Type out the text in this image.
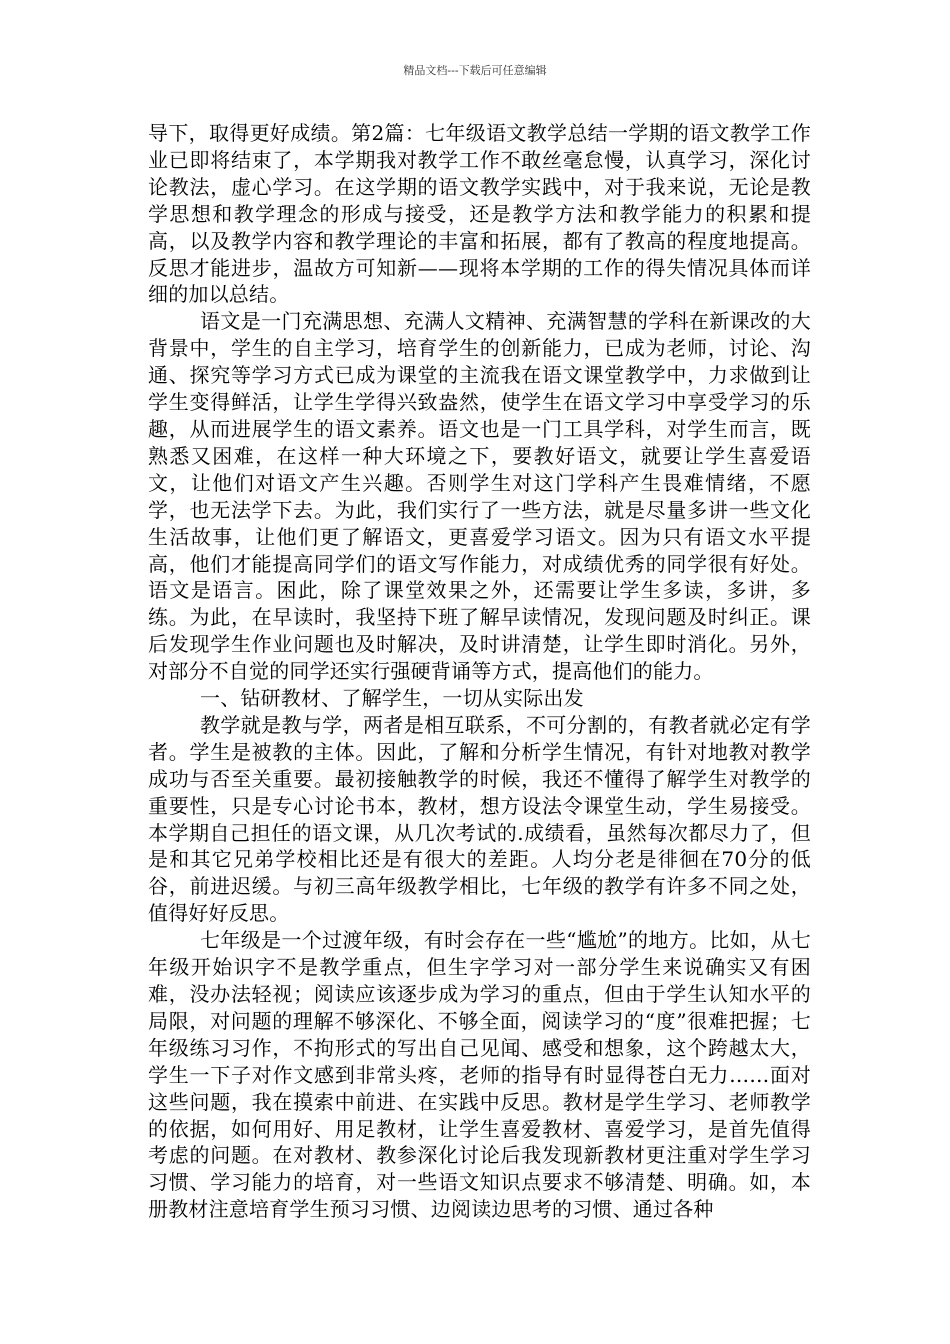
精品文档---下载后可任意编辑

导下，取得更好成绩。第2篇：七年级语文教学总结一学期的语文教学工作业已即将结束了，本学期我对教学工作不敢丝毫怠慢，认真学习，深化讨论教法，虚心学习。在这学期的语文教学实践中，对于我来说，无论是教学思想和教学理念的形成与接受，还是教学方法和教学能力的积累和提高，以及教学内容和教学理论的丰富和拓展，都有了教高的程度地提高。反思才能进步，温故方可知新——现将本学期的工作的得失情况具体而详细的加以总结。

语文是一门充满思想、充满人文精神、充满智慧的学科在新课改的大背景中，学生的自主学习，培育学生的创新能力，已成为老师，讨论、沟通、探究等学习方式已成为课堂的主流我在语文课堂教学中，力求做到让学生变得鲜活，让学生学得兴致盎然，使学生在语文学习中享受学习的乐趣，从而进展学生的语文素养。语文也是一门工具学科，对学生而言，既熟悉又困难，在这样一种大环境之下，要教好语文，就要让学生喜爱语文，让他们对语文产生兴趣。否则学生对这门学科产生畏难情绪，不愿学，也无法学下去。为此，我们实行了一些方法，就是尽量多讲一些文化生活故事，让他们更了解语文，更喜爱学习语文。因为只有语文水平提高，他们才能提高同学们的语文写作能力，对成绩优秀的同学很有好处。语文是语言。困此，除了课堂效果之外，还需要让学生多读，多讲，多练。为此，在早读时，我坚持下班了解早读情况，发现问题及时纠正。课后发现学生作业问题也及时解决，及时讲清楚，让学生即时消化。另外，对部分不自觉的同学还实行强硬背诵等方式，提高他们的能力。

一、钻研教材、了解学生，一切从实际出发

教学就是教与学，两者是相互联系，不可分割的，有教者就必定有学者。学生是被教的主体。因此，了解和分析学生情况，有针对地教对教学成功与否至关重要。最初接触教学的时候，我还不懂得了解学生对教学的重要性，只是专心讨论书本，教材，想方设法令课堂生动，学生易接受。本学期自己担任的语文课，从几次考试的.成绩看，虽然每次都尽力了，但是和其它兄弟学校相比还是有很大的差距。人均分老是徘徊在70分的低谷，前进迟缓。与初三高年级教学相比，七年级的教学有许多不同之处，值得好好反思。

七年级是一个过渡年级，有时会存在一些“尴尬”的地方。比如，从七年级开始识字不是教学重点，但生字学习对一部分学生来说确实又有困难，没办法轻视；阅读应该逐步成为学习的重点，但由于学生认知水平的局限，对问题的理解不够深化、不够全面，阅读学习的“度”很难把握；七年级练习习作，不拘形式的写出自己见闻、感受和想象，这个跨越太大，学生一下子对作文感到非常头疼，老师的指导有时显得苍白无力……面对这些问题，我在摸索中前进、在实践中反思。教材是学生学习、老师教学的依据，如何用好、用足教材，让学生喜爱教材、喜爱学习，是首先值得考虑的问题。在对教材、教参深化讨论后我发现新教材更注重对学生学习习惯、学习能力的培育，对一些语文知识点要求不够清楚、明确。如，本册教材注意培育学生预习习惯、边阅读边思考的习惯、通过各种
